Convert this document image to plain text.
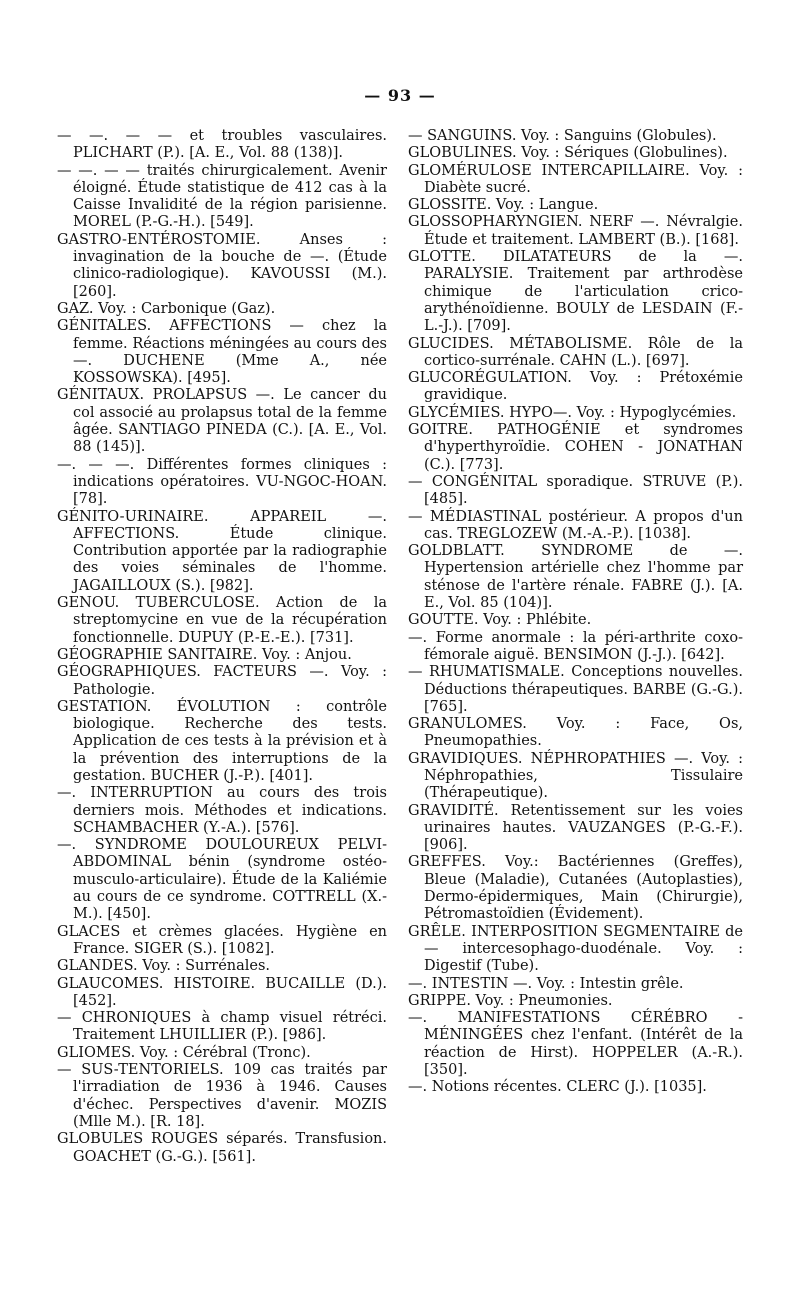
— 93 —

— —. — — et troubles vasculaires. PLICHART (P.). [A. E., Vol. 88 (138)].

— —. — — traités chirurgicalement. Avenir éloigné. Étude statistique de 412 cas à la Caisse Invalidité de la région parisienne. MOREL (P.-G.-H.). [549].

GASTRO-ENTÉROSTOMIE. Anses : invagination de la bouche de —. (Étude clinico-radiologique). KAVOUSSI (M.). [260].

GAZ. Voy. : Carbonique (Gaz).

GÉNITALES. AFFECTIONS — chez la femme. Réactions méningées au cours des —. DUCHENE (Mme A., née KOSSOWSKA). [495].

GÉNITAUX. PROLAPSUS —. Le cancer du col associé au prolapsus total de la femme âgée. SANTIAGO PINEDA (C.). [A. E., Vol. 88 (145)].

—. — —. Différentes formes cliniques : indications opératoires. VU-NGOC-HOAN. [78].

GÉNITO-URINAIRE. APPAREIL —. AFFECTIONS. Étude clinique. Contribution apportée par la radiographie des voies séminales de l'homme. JAGAILLOUX (S.). [982].

GENOU. TUBERCULOSE. Action de la streptomycine en vue de la récupération fonctionnelle. DUPUY (P.-E.-E.). [731].

GÉOGRAPHIE SANITAIRE. Voy. : Anjou.

GÉOGRAPHIQUES. FACTEURS —. Voy. : Pathologie.

GESTATION. ÉVOLUTION : contrôle biologique. Recherche des tests. Application de ces tests à la prévision et à la prévention des interruptions de la gestation. BUCHER (J.-P.). [401].

—. INTERRUPTION au cours des trois derniers mois. Méthodes et indications. SCHAMBACHER (Y.-A.). [576].

—. SYNDROME DOULOUREUX PELVI-ABDOMINAL bénin (syndrome ostéo-musculo-articulaire). Étude de la Kaliémie au cours de ce syndrome. COTTRELL (X.-M.). [450].

GLACES et crèmes glacées. Hygiène en France. SIGER (S.). [1082].

GLANDES. Voy. : Surrénales.

GLAUCOMES. HISTOIRE. BUCAILLE (D.). [452].

— CHRONIQUES à champ visuel rétréci. Traitement LHUILLIER (P.). [986].

GLIOMES. Voy. : Cérébral (Tronc).

— SUS-TENTORIELS. 109 cas traités par l'irradiation de 1936 à 1946. Causes d'échec. Perspectives d'avenir. MOZIS (Mlle M.). [R. 18].

GLOBULES ROUGES séparés. Transfusion. GOACHET (G.-G.). [561].

— SANGUINS. Voy. : Sanguins (Globules).

GLOBULINES. Voy. : Sériques (Globulines).

GLOMÉRULOSE INTERCAPILLAIRE. Voy. : Diabète sucré.

GLOSSITE. Voy. : Langue.

GLOSSOPHARYNGIEN. NERF —. Névralgie. Étude et traitement. LAMBERT (B.). [168].

GLOTTE. DILATATEURS de la —. PARALYSIE. Traitement par arthrodèse chimique de l'articulation crico-arythénoïdienne. BOULY de LESDAIN (F.-L.-J.). [709].

GLUCIDES. MÉTABOLISME. Rôle de la cortico-surrénale. CAHN (L.). [697].

GLUCORÉGULATION. Voy. : Prétoxémie gravidique.

GLYCÉMIES. HYPO—. Voy. : Hypoglycémies.

GOITRE. PATHOGÉNIE et syndromes d'hyperthyroïdie. COHEN - JONATHAN (C.). [773].

— CONGÉNITAL sporadique. STRUVE (P.). [485].

— MÉDIASTINAL postérieur. A propos d'un cas. TREGLOZEW (M.-A.-P.). [1038].

GOLDBLATT. SYNDROME de —. Hypertension artérielle chez l'homme par sténose de l'artère rénale. FABRE (J.). [A. E., Vol. 85 (104)].

GOUTTE. Voy. : Phlébite.

—. Forme anormale : la péri-arthrite coxo-fémorale aiguë. BENSIMON (J.-J.). [642].

— RHUMATISMALE. Conceptions nouvelles. Déductions thérapeutiques. BARBE (G.-G.). [765].

GRANULOMES. Voy. : Face, Os, Pneumopathies.

GRAVIDIQUES. NÉPHROPATHIES —. Voy. : Néphropathies, Tissulaire (Thérapeutique).

GRAVIDITÉ. Retentissement sur les voies urinaires hautes. VAUZANGES (P.-G.-F.). [906].

GREFFES. Voy.: Bactériennes (Greffes), Bleue (Maladie), Cutanées (Autoplasties), Dermo-épidermiques, Main (Chirurgie), Pétromastoïdien (Évidement).

GRÊLE. INTERPOSITION SEGMENTAIRE de — intercesophago-duodénale. Voy. : Digestif (Tube).

—. INTESTIN —. Voy. : Intestin grêle.

GRIPPE. Voy. : Pneumonies.

—. MANIFESTATIONS CÉRÉBRO - MÉNINGÉES chez l'enfant. (Intérêt de la réaction de Hirst). HOPPELER (A.-R.). [350].

—. Notions récentes. CLERC (J.). [1035].
